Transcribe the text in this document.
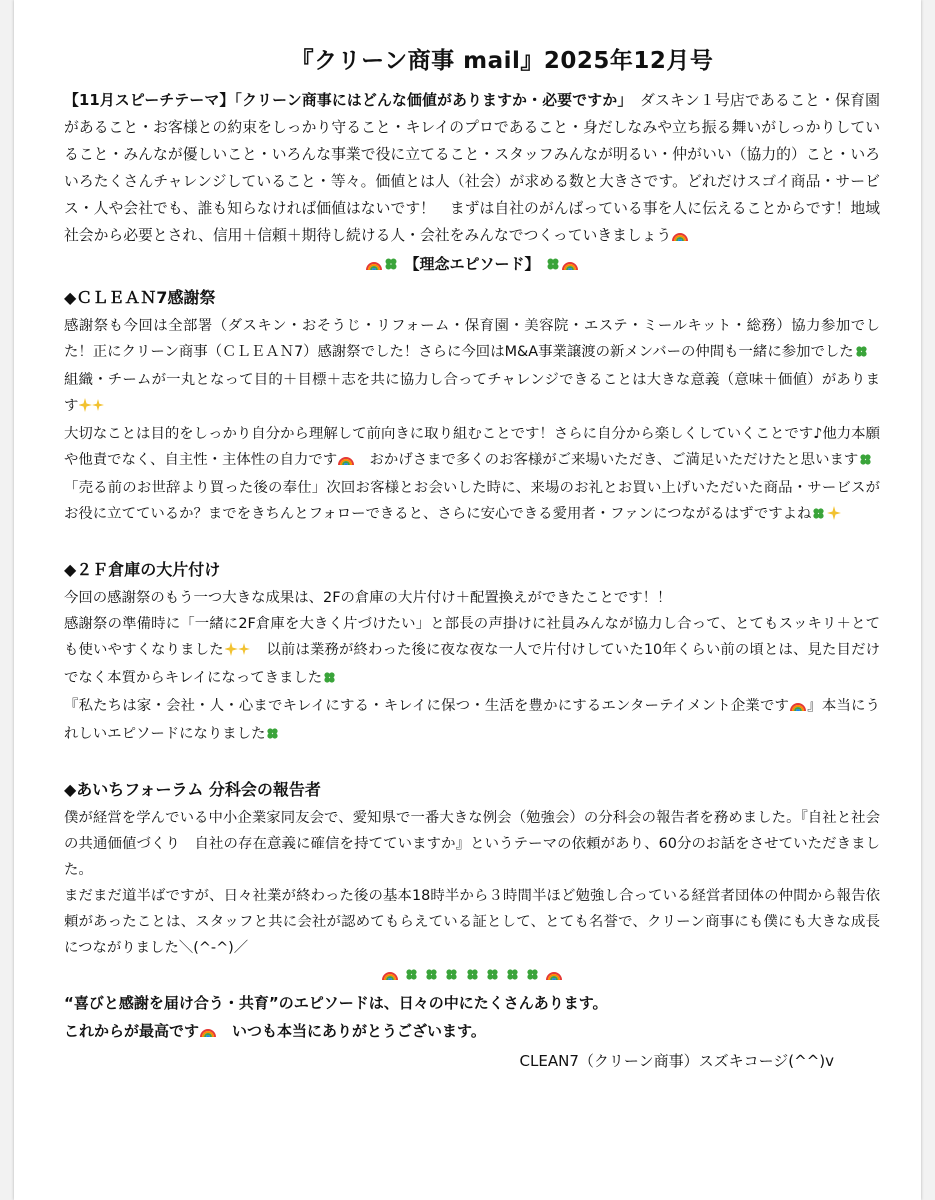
『クリーン商事 mail』2025年12月号

【11月スピーチテーマ】「クリーン商事にはどんな価値がありますか・必要ですか」　ダスキン１号店であること・保育園があること・お客様との約束をしっかり守ること・キレイのプロであること・身だしなみや立ち振る舞いがしっかりしていること・みんなが優しいこと・いろんな事業で役に立てること・スタッフみんなが明るい・仲がいい（協力的）こと・いろいろたくさんチャレンジしていること・等々。価値とは人（社会）が求める数と大きさです。どれだけスゴイ商品・サービス・人や会社でも、誰も知らなければ価値はないです！　まずは自社のがんばっている事を人に伝えることからです！地域社会から必要とされ、信用＋信頼＋期待し続ける人・会社をみんなでつくっていきましょう

【理念エピソード】
◆ＣＬＥＡＮ7感謝祭

感謝祭も今回は全部署（ダスキン・おそうじ・リフォーム・保育園・美容院・エステ・ミールキット・総務）協力参加でした！正にクリーン商事（ＣＬＥＡＮ7）感謝祭でした！さらに今回はM&A事業譲渡の新メンバーの仲間も一緒に参加でした　組織・チームが一丸となって目的＋目標＋志を共に協力し合ってチャレンジできることは大きな意義（意味＋価値）があります

大切なことは目的をしっかり自分から理解して前向きに取り組むことです！さらに自分から楽しくしていくことです♪他力本願や他責でなく、自主性・主体性の自力です　おかげさまで多くのお客様がご来場いただき、ご満足いただけたと思います

「売る前のお世辞より買った後の奉仕」次回お客様とお会いした時に、来場のお礼とお買い上げいただいた商品・サービスがお役に立てているか？までをきちんとフォローできると、さらに安心できる愛用者・ファンにつながるはずですよね

◆２Ｆ倉庫の大片付け

今回の感謝祭のもう一つ大きな成果は、2Fの倉庫の大片付け＋配置換えができたことです！！

感謝祭の準備時に「一緒に2F倉庫を大きく片づけたい」と部長の声掛けに社員みんなが協力し合って、とてもスッキリ＋とても使いやすくなりました　以前は業務が終わった後に夜な夜な一人で片付けしていた10年くらい前の頃とは、見た目だけでなく本質からキレイになってきました

『私たちは家・会社・人・心までキレイにする・キレイに保つ・生活を豊かにするエンターテイメント企業です 』本当にうれしいエピソードになりました

◆あいちフォーラム 分科会の報告者

僕が経営を学んでいる中小企業家同友会で、愛知県で一番大きな例会（勉強会）の分科会の報告者を務めました。『自社と社会の共通価値づくり　自社の存在意義に確信を持てていますか』というテーマの依頼があり、60分のお話をさせていただきました。

まだまだ道半ばですが、日々社業が終わった後の基本18時半から３時間半ほど勉強し合っている経営者団体の仲間から報告依頼があったことは、スタッフと共に会社が認めてもらえている証として、とても名誉で、クリーン商事にも僕にも大きな成長につながりました＼(^-^)／

“喜びと感謝を届け合う・共育”のエピソードは、日々の中にたくさんあります。
これからが最高です　いつも本当にありがとうございます。
CLEAN7（クリーン商事）スズキコージ(^^)v
